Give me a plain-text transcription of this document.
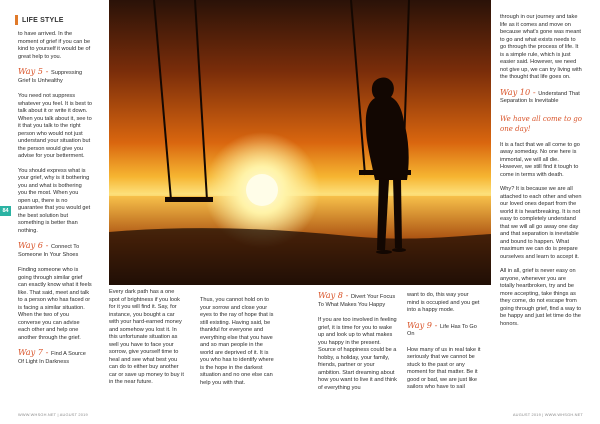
LIFE STYLE
84

to have arrived. In the moment of grief if you can be kind to yourself it would be of great help to you.

Way 5 - Suppressing Grief Is Unhealthy

You need not suppress whatever you feel. It is best to talk about it or write it down. When you talk about it, see to it that you talk to the right person who would not just understand your situation but the person would give you advise for your betterment.

You should express what is your grief, why is it bothering you and what is bothering you the most. When you open up, there is no guarantee that you would get the best solution but something is better than nothing.

Way 6 - Connect To Someone In Your Shoes

Finding someone who is going through similar grief can exactly know what it feels like. That said, meet and talk to a person who has faced or is facing a similar situation. When the two of you converse you can advise each other and help one another through the grief.

Way 7 - Find A Source Of Light In Darkness

Every dark path has a one spot of brightness if you look for it you will find it. Say, for instance, you bought a car with your hard-earned money and somehow you lost it. In this unfortunate situation as well you have to face your sorrow, give yourself time to heal and see what best you can do to either buy another car or save up money to buy it in the near future.

Thus, you cannot hold on to your sorrow and close your eyes to the ray of hope that is still existing. Having said, be thankful for everyone and everything else that you have and so man people in the world are deprived of it. It is you who has to identify where is the hope in the darkest situation and no one else can help you with that.

Way 8 - Divert Your Focus To What Makes You Happy

If you are too involved in feeling grief, it is time for you to wake up and look up to what makes you happy in the present. Source of happiness could be a hobby, a holiday, your family, friends, partner or your ambition. Start dreaming about how you want to live it and think of everything you

want to do, this way your mind is occupied and you get into a happy mode.

Way 9 - Life Has To Go On

How many of us in real take it seriously that we cannot be stuck to the past or any moment for that matter. Be it good or bad, we are just like sailors who have to sail

through in our journey and take life as it comes and move on because what's gone was meant to go and what exists needs to go through the process of life. It is a simple rule, which is just easier said. However, we need not give up, we can try living with the thought that life goes on.

Way 10 - Understand That Separation Is Inevitable
We have all come to go one day!

It is a fact that we all come to go away someday. No one here is immortal, we will all die. However, we still find it tough to come in terms with death.

Why? It is because we are all attached to each other and when our loved ones depart from the world it is heartbreaking. It is not easy to completely understand that we will all go away one day and that separation is inevitable and bound to happen. What maximum we can do is prepare ourselves and learn to accept it.

All in all, grief is never easy on anyone, whenever you are totally heartbroken, try and be more accepting, take things as they come, do not escape from going through grief, find a way to be happy and just let time do the honors.

WWW.WHSGH.NET | AUGUST 2019	AUGUST 2019 | WWW.WHSGH.NET
